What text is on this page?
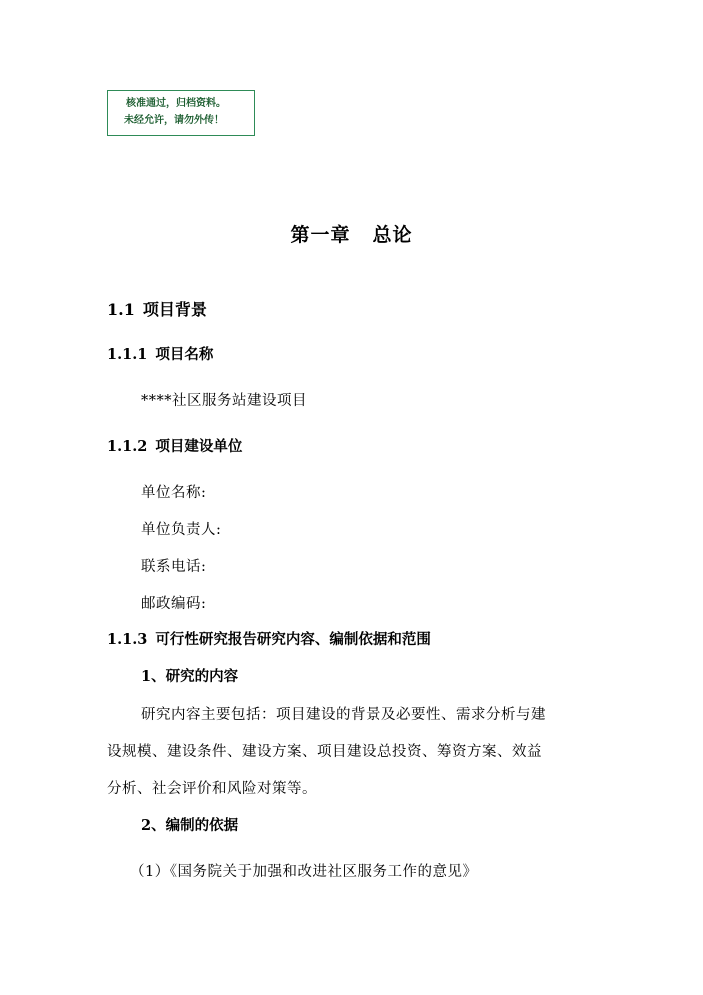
核准通过，归档资料。
未经允许，请勿外传！
第一章 总论
1.1 项目背景
1.1.1 项目名称
****社区服务站建设项目
1.1.2 项目建设单位
单位名称:
单位负责人:
联系电话:
邮政编码:
1.1.3 可行性研究报告研究内容、编制依据和范围
1、研究的内容
研究内容主要包括：项目建设的背景及必要性、需求分析与建
设规模、建设条件、建设方案、项目建设总投资、筹资方案、效益
分析、社会评价和风险对策等。
2、编制的依据
（1）《国务院关于加强和改进社区服务工作的意见》
